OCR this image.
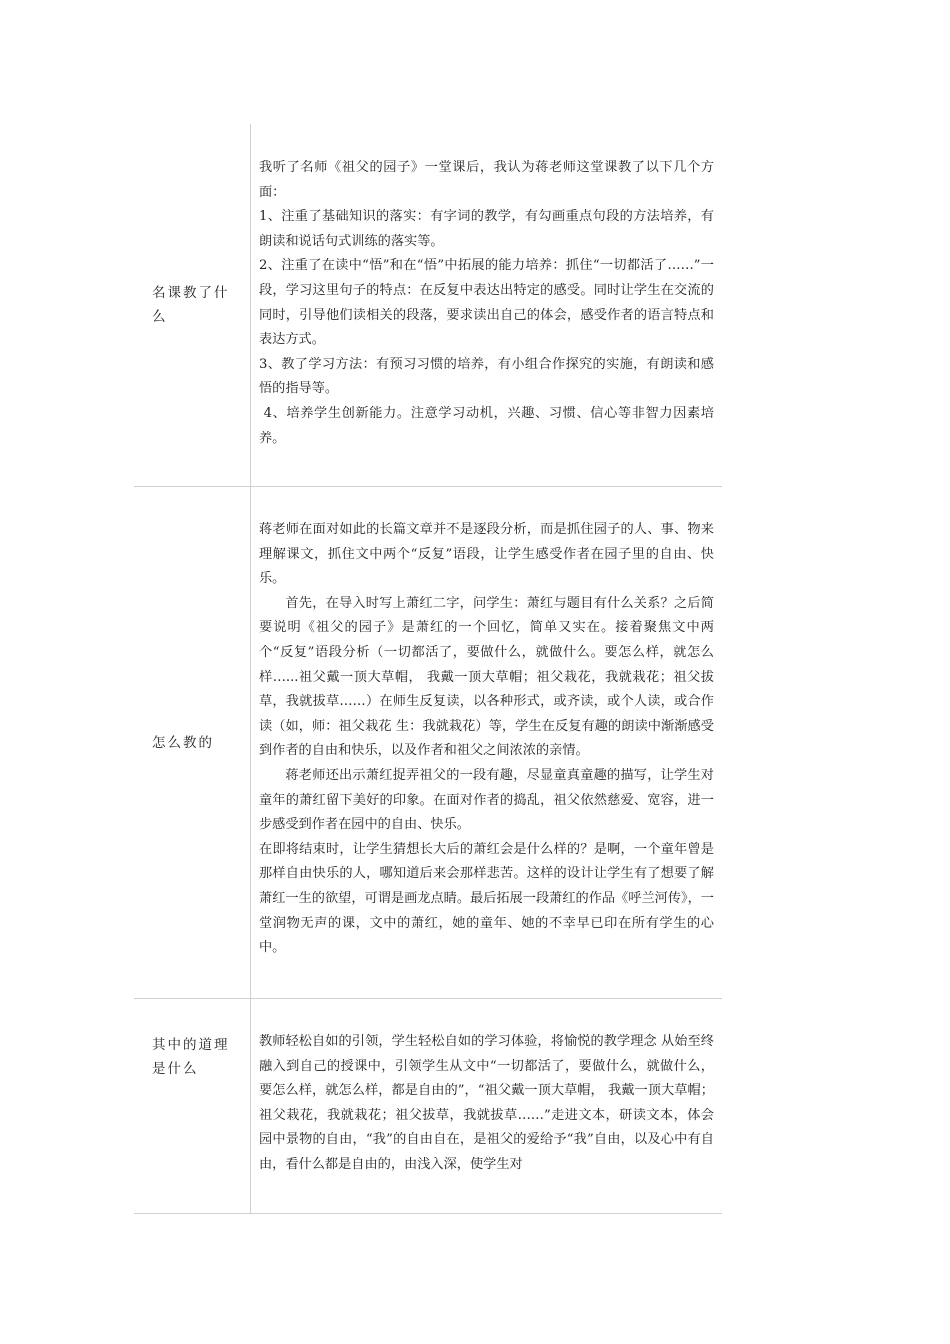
名课教了什么

我听了名师《祖父的园子》一堂课后，我认为蒋老师这堂课教了以下几个方面：

1、注重了基础知识的落实：有字词的教学，有勾画重点句段的方法培养，有朗读和说话句式训练的落实等。

2、注重了在读中“悟”和在“悟”中拓展的能力培养：抓住“一切都活了……”一段，学习这里句子的特点：在反复中表达出特定的感受。同时让学生在交流的同时，引导他们读相关的段落，要求读出自己的体会，感受作者的语言特点和表达方式。

3、教了学习方法：有预习习惯的培养，有小组合作探究的实施，有朗读和感悟的指导等。

4、培养学生创新能力。注意学习动机，兴趣、习惯、信心等非智力因素培养。

怎么教的

蒋老师在面对如此的长篇文章并不是逐段分析，而是抓住园子的人、事、物来理解课文，抓住文中两个“反复”语段，让学生感受作者在园子里的自由、快乐。

首先，在导入时写上萧红二字，问学生：萧红与题目有什么关系？之后简要说明《祖父的园子》是萧红的一个回忆，简单又实在。接着聚焦文中两个“反复”语段分析（一切都活了，要做什么，就做什么。要怎么样，就怎么样…...祖父戴一顶大草帽， 我戴一顶大草帽；祖父栽花，我就栽花；祖父拔草，我就拔草……）在师生反复读，以各种形式，或齐读，或个人读，或合作读（如，师：祖父栽花 生：我就栽花）等，学生在反复有趣的朗读中渐渐感受到作者的自由和快乐，以及作者和祖父之间浓浓的亲情。

蒋老师还出示萧红捉弄祖父的一段有趣，尽显童真童趣的描写，让学生对童年的萧红留下美好的印象。在面对作者的捣乱，祖父依然慈爱、宽容，进一步感受到作者在园中的自由、快乐。

在即将结束时，让学生猜想长大后的萧红会是什么样的？是啊，一个童年曾是那样自由快乐的人，哪知道后来会那样悲苦。这样的设计让学生有了想要了解萧红一生的欲望，可谓是画龙点睛。最后拓展一段萧红的作品《呼兰河传》，一堂润物无声的课，文中的萧红，她的童年、她的不幸早已印在所有学生的心中。

其中的道理是什么

教师轻松自如的引领，学生轻松自如的学习体验，将愉悦的教学理念 从始至终融入到自己的授课中，引领学生从文中“一切都活了，要做什么，就做什么，要怎么样，就怎么样，都是自由的”，“祖父戴一顶大草帽， 我戴一顶大草帽；祖父栽花，我就栽花；祖父拔草，我就拔草……”走进文本，研读文本，体会园中景物的自由，“我”的自由自在，是祖父的爱给予“我”自由，以及心中有自由，看什么都是自由的，由浅入深，使学生对
